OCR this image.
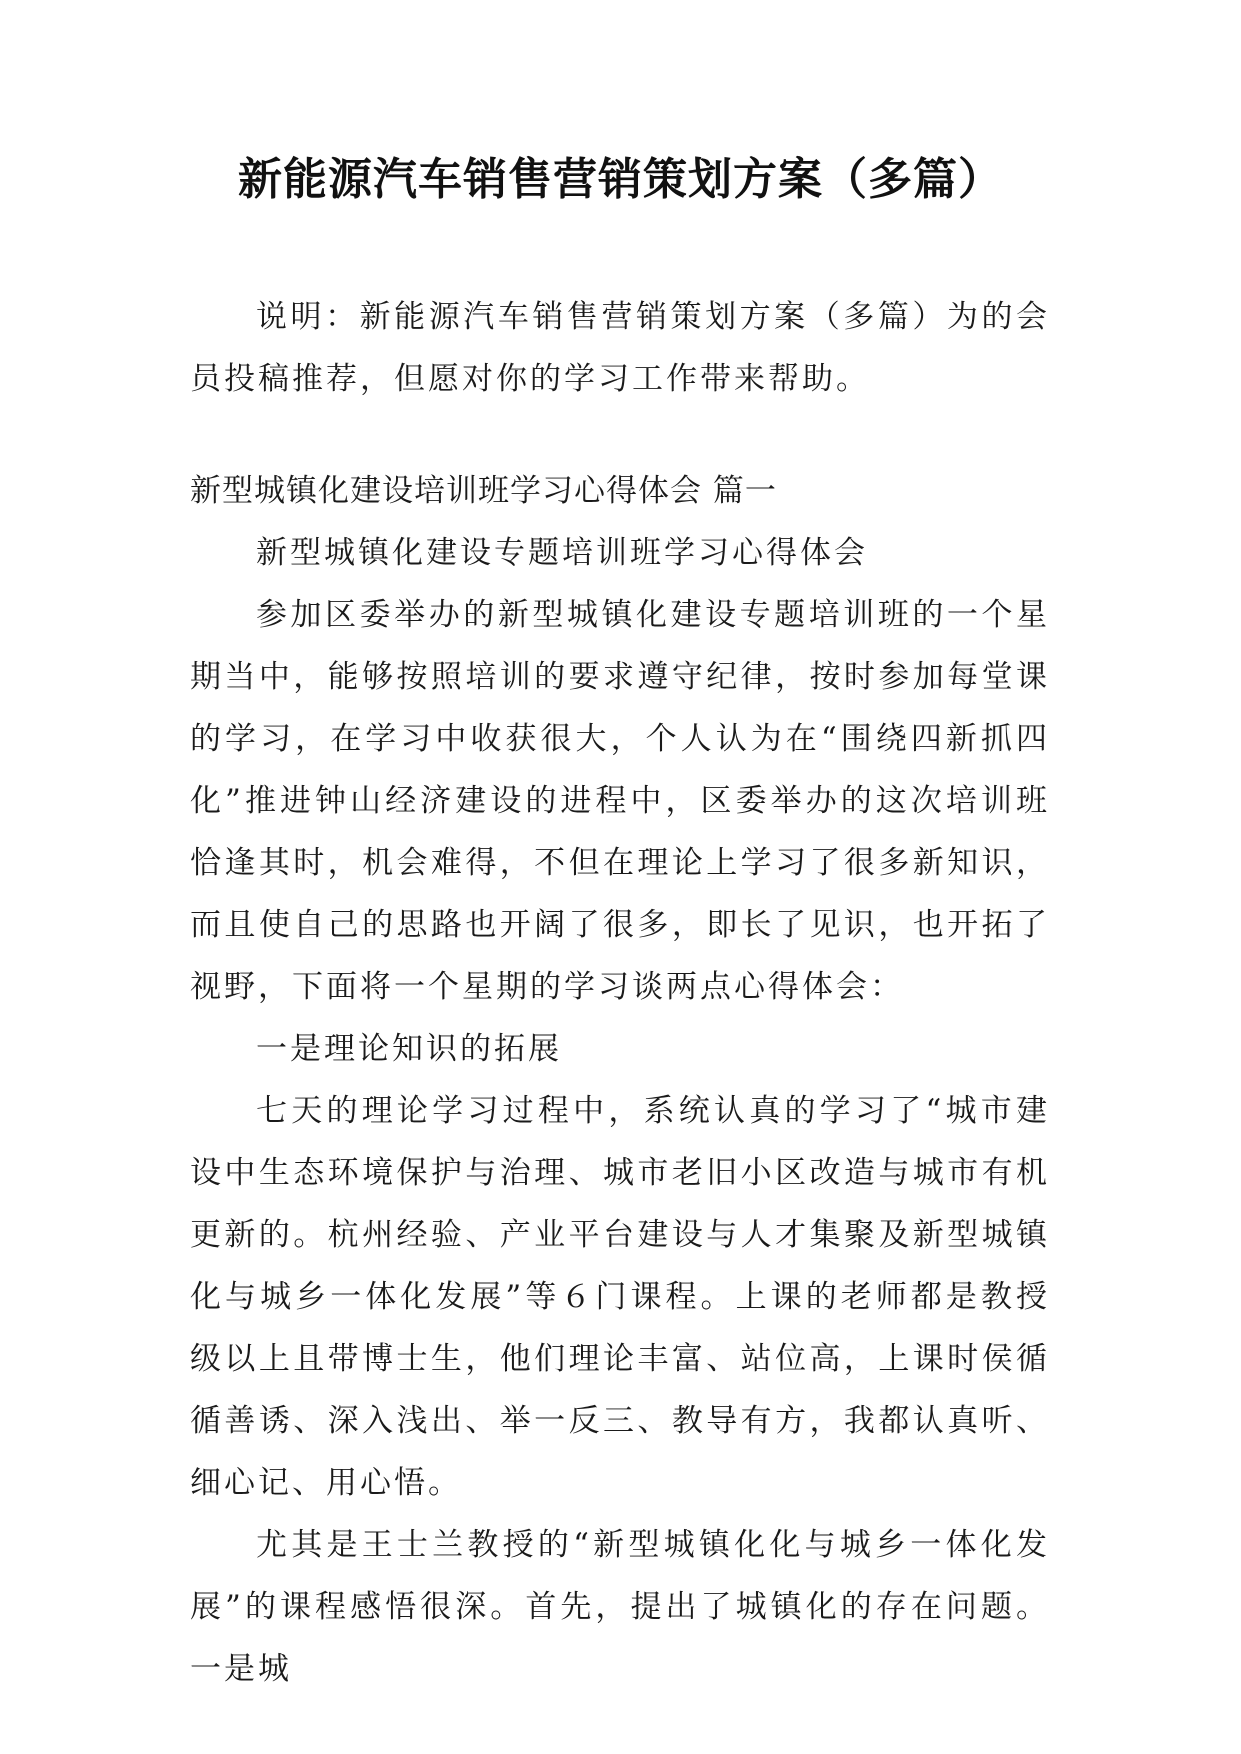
新能源汽车销售营销策划方案（多篇）

说明：新能源汽车销售营销策划方案（多篇）为的会员投稿推荐，但愿对你的学习工作带来帮助。

新型城镇化建设培训班学习心得体会 篇一

新型城镇化建设专题培训班学习心得体会

参加区委举办的新型城镇化建设专题培训班的一个星期当中，能够按照培训的要求遵守纪律，按时参加每堂课的学习，在学习中收获很大，个人认为在“围绕四新抓四化”推进钟山经济建设的进程中，区委举办的这次培训班恰逢其时，机会难得，不但在理论上学习了很多新知识，而且使自己的思路也开阔了很多，即长了见识，也开拓了视野，下面将一个星期的学习谈两点心得体会：

一是理论知识的拓展

七天的理论学习过程中，系统认真的学习了“城市建设中生态环境保护与治理、城市老旧小区改造与城市有机更新的。杭州经验、产业平台建设与人才集聚及新型城镇化与城乡一体化发展”等６门课程。上课的老师都是教授级以上且带博士生，他们理论丰富、站位高，上课时侯循循善诱、深入浅出、举一反三、教导有方，我都认真听、细心记、用心悟。

尤其是王士兰教授的“新型城镇化化与城乡一体化发展”的课程感悟很深。首先，提出了城镇化的存在问题。一是城
